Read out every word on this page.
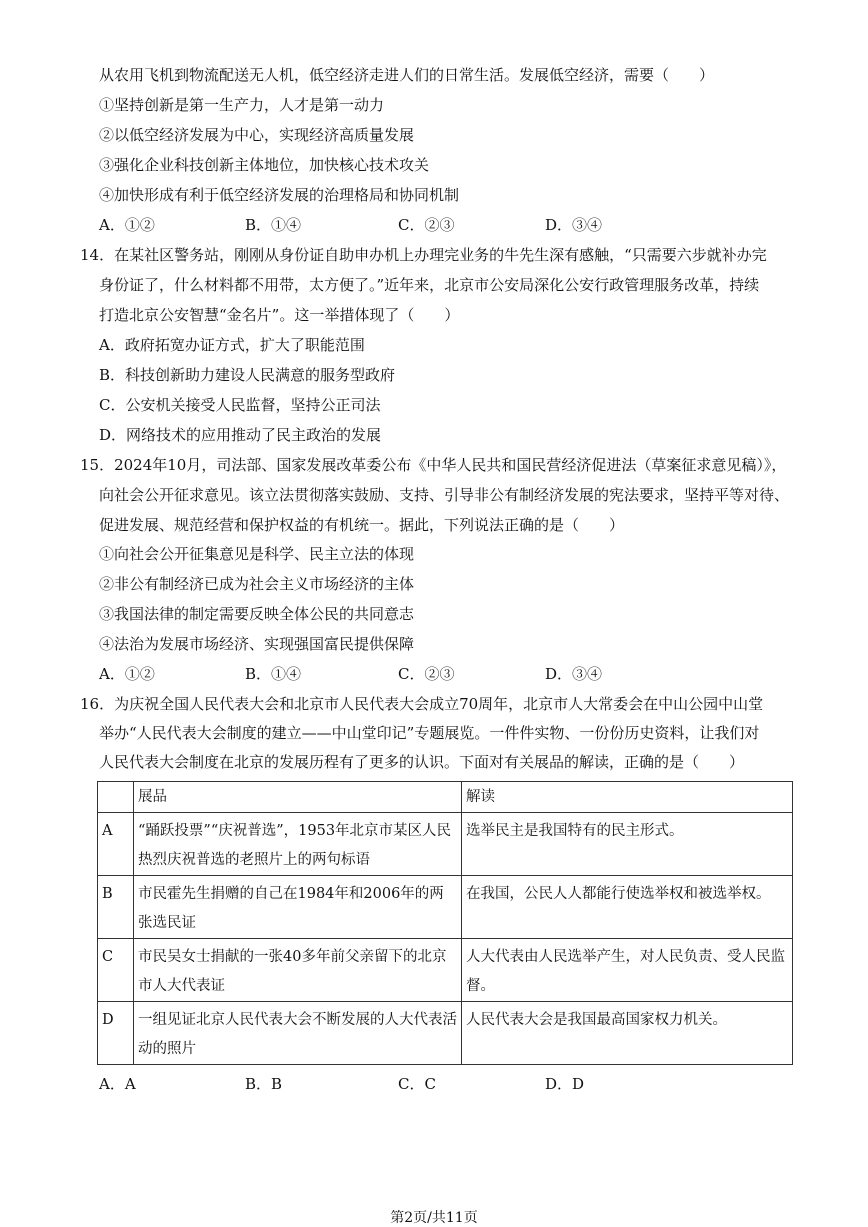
从农用飞机到物流配送无人机，低空经济走进人们的日常生活。发展低空经济，需要（　　）
①坚持创新是第一生产力，人才是第一动力
②以低空经济发展为中心，实现经济高质量发展
③强化企业科技创新主体地位，加快核心技术攻关
④加快形成有利于低空经济发展的治理格局和协同机制
A．①②	B．①④	C．②③	D．③④
14．在某社区警务站，刚刚从身份证自助申办机上办理完业务的牛先生深有感触，“只需要六步就补办完
身份证了，什么材料都不用带，太方便了。”近年来，北京市公安局深化公安行政管理服务改革，持续
打造北京公安智慧“金名片”。这一举措体现了（　　）
A．政府拓宽办证方式，扩大了职能范围
B．科技创新助力建设人民满意的服务型政府
C．公安机关接受人民监督，坚持公正司法
D．网络技术的应用推动了民主政治的发展
15．2024年10月，司法部、国家发展改革委公布《中华人民共和国民营经济促进法（草案征求意见稿）》，
向社会公开征求意见。该立法贯彻落实鼓励、支持、引导非公有制经济发展的宪法要求，坚持平等对待、
促进发展、规范经营和保护权益的有机统一。据此，下列说法正确的是（　　）
①向社会公开征集意见是科学、民主立法的体现
②非公有制经济已成为社会主义市场经济的主体
③我国法律的制定需要反映全体公民的共同意志
④法治为发展市场经济、实现强国富民提供保障
A．①②	B．①④	C．②③	D．③④
16．为庆祝全国人民代表大会和北京市人民代表大会成立70周年，北京市人大常委会在中山公园中山堂
举办“人民代表大会制度的建立——中山堂印记”专题展览。一件件实物、一份份历史资料，让我们对
人民代表大会制度在北京的发展历程有了更多的认识。下面对有关展品的解读，正确的是（　　）
	展品	解读
A	“踊跃投票”“庆祝普选”，1953年北京市某区人民热烈庆祝普选的老照片上的两句标语	选举民主是我国特有的民主形式。
B	市民霍先生捐赠的自己在1984年和2006年的两张选民证	在我国，公民人人都能行使选举权和被选举权。
C	市民吴女士捐献的一张40多年前父亲留下的北京市人大代表证	人大代表由人民选举产生，对人民负责、受人民监督。
D	一组见证北京人民代表大会不断发展的人大代表活动的照片	人民代表大会是我国最高国家权力机关。
A．A	B．B	C．C	D．D
第2页/共11页
